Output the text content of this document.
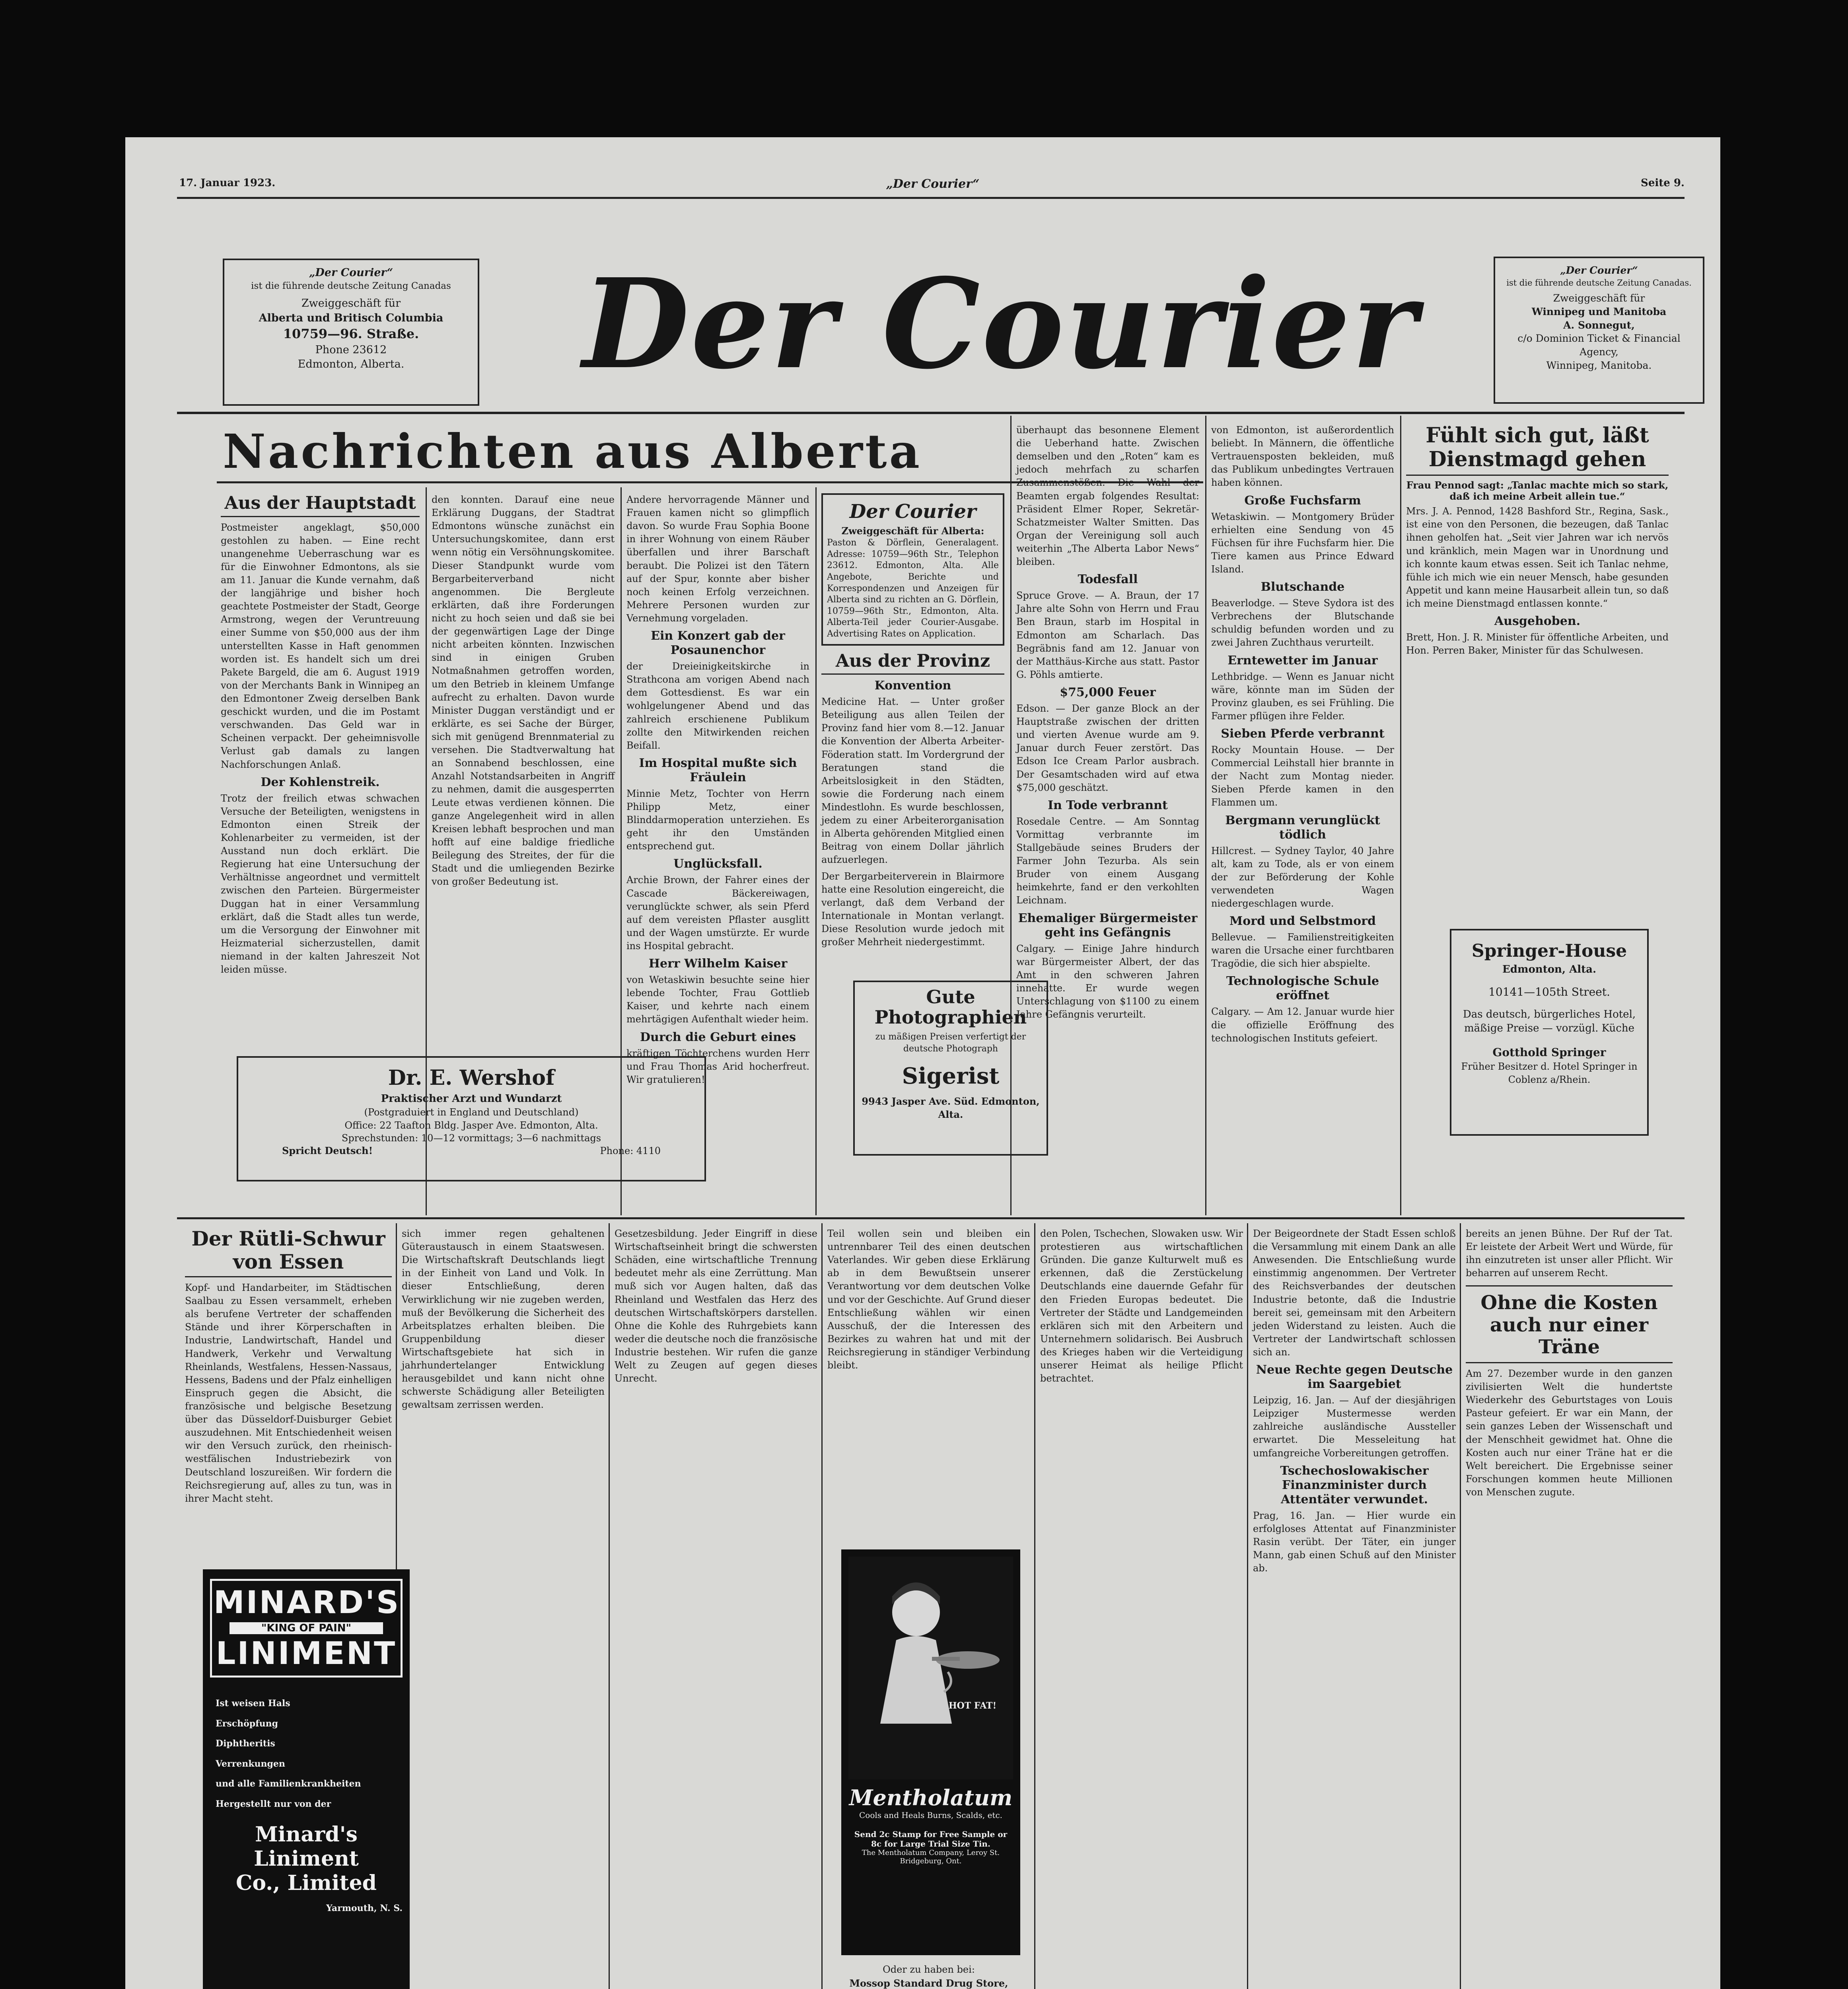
17. Januar 1923.	„Der Courier“	Seite 9.
„Der Courier“
ist die führende deutsche Zeitung Canadas
Zweiggeschäft für
Alberta und Britisch Columbia
10759—96. Straße.
Phone 23612
Edmonton, Alberta.
„Der Courier“
ist die führende deutsche Zeitung Canadas.
Zweiggeschäft für
Winnipeg und Manitoba
A. Sonnegut,
c/o Dominion Ticket & Financial
Agency,
Winnipeg, Manitoba.
Der Courier
Nachrichten aus Alberta
Aus der Hauptstadt
Postmeister angeklagt, $50,000 gestohlen zu haben. — Eine recht unangenehme Ueberraschung war es für die Einwohner Edmontons, als sie am 11. Januar die Kunde vernahm, daß der langjährige und bisher hoch geachtete Postmeister der Stadt, George Armstrong, wegen der Veruntreuung einer Summe von $50,000 aus der ihm unterstellten Kasse in Haft genommen worden ist. Es handelt sich um drei Pakete Bargeld, die am 6. August 1919 von der Merchants Bank in Winnipeg an den Edmontoner Zweig derselben Bank geschickt wurden, und die im Postamt verschwanden. Das Geld war in Scheinen verpackt. Der geheimnisvolle Verlust gab damals zu langen Nachforschungen Anlaß.
Der Kohlenstreik.
Trotz der freilich etwas schwachen Versuche der Beteiligten, wenigstens in Edmonton einen Streik der Kohlenarbeiter zu vermeiden, ist der Ausstand nun doch erklärt. Die Regierung hat eine Untersuchung der Verhältnisse angeordnet und vermittelt zwischen den Parteien. Bürgermeister Duggan hat in einer Versammlung erklärt, daß die Stadt alles tun werde, um die Versorgung der Einwohner mit Heizmaterial sicherzustellen, damit niemand in der kalten Jahreszeit Not leiden müsse.
den konnten. Darauf eine neue Erklärung Duggans, der Stadtrat Edmontons wünsche zunächst ein Untersuchungskomitee, dann erst wenn nötig ein Versöhnungskomitee. Dieser Standpunkt wurde vom Bergarbeiterverband nicht angenommen. Die Bergleute erklärten, daß ihre Forderungen nicht zu hoch seien und daß sie bei der gegenwärtigen Lage der Dinge nicht arbeiten könnten. Inzwischen sind in einigen Gruben Notmaßnahmen getroffen worden, um den Betrieb in kleinem Umfange aufrecht zu erhalten. Davon wurde Minister Duggan verständigt und er erklärte, es sei Sache der Bürger, sich mit genügend Brennmaterial zu versehen. Die Stadtverwaltung hat an Sonnabend beschlossen, eine Anzahl Notstandsarbeiten in Angriff zu nehmen, damit die ausgesperrten Leute etwas verdienen können. Die ganze Angelegenheit wird in allen Kreisen lebhaft besprochen und man hofft auf eine baldige friedliche Beilegung des Streites, der für die Stadt und die umliegenden Bezirke von großer Bedeutung ist.
Andere hervorragende Männer und Frauen kamen nicht so glimpflich davon. So wurde Frau Sophia Boone in ihrer Wohnung von einem Räuber überfallen und ihrer Barschaft beraubt. Die Polizei ist den Tätern auf der Spur, konnte aber bisher noch keinen Erfolg verzeichnen. Mehrere Personen wurden zur Vernehmung vorgeladen.
Ein Konzert gab der Posaunenchor
der Dreieinigkeitskirche in Strathcona am vorigen Abend nach dem Gottesdienst. Es war ein wohlgelungener Abend und das zahlreich erschienene Publikum zollte den Mitwirkenden reichen Beifall.
Im Hospital mußte sich Fräulein
Minnie Metz, Tochter von Herrn Philipp Metz, einer Blinddarmoperation unterziehen. Es geht ihr den Umständen entsprechend gut.
Unglücksfall.
Archie Brown, der Fahrer eines der Cascade Bäckereiwagen, verunglückte schwer, als sein Pferd auf dem vereisten Pflaster ausglitt und der Wagen umstürzte. Er wurde ins Hospital gebracht.
Herr Wilhelm Kaiser
von Wetaskiwin besuchte seine hier lebende Tochter, Frau Gottlieb Kaiser, und kehrte nach einem mehrtägigen Aufenthalt wieder heim.
Durch die Geburt eines
kräftigen Töchterchens wurden Herr und Frau Thomas Arid hocherfreut. Wir gratulieren!
Der Courier
Zweiggeschäft für Alberta:
Paston & Dörflein, Generalagent. Adresse: 10759—96th Str., Telephon 23612. Edmonton, Alta. Alle Angebote, Berichte und Korrespondenzen und Anzeigen für Alberta sind zu richten an G. Dörflein, 10759—96th Str., Edmonton, Alta. Alberta-Teil jeder Courier-Ausgabe. Advertising Rates on Application.
Aus der Provinz
Konvention
Medicine Hat. — Unter großer Beteiligung aus allen Teilen der Provinz fand hier vom 8.—12. Januar die Konvention der Alberta Arbeiter-Föderation statt. Im Vordergrund der Beratungen stand die Arbeitslosigkeit in den Städten, sowie die Forderung nach einem Mindestlohn. Es wurde beschlossen, jedem zu einer Arbeiterorganisation in Alberta gehörenden Mitglied einen Beitrag von einem Dollar jährlich aufzuerlegen.
Der Bergarbeiterverein in Blairmore hatte eine Resolution eingereicht, die verlangt, daß dem Verband der Internationale in Montan verlangt. Diese Resolution wurde jedoch mit großer Mehrheit niedergestimmt.
Gute Photographien
zu mäßigen Preisen verfertigt der deutsche Photograph
Sigerist
9943 Jasper Ave. Süd. Edmonton, Alta.
Dr. E. Wershof
Praktischer Arzt und Wundarzt
(Postgraduiert in England und Deutschland)
Office: 22 Taafton Bldg. Jasper Ave. Edmonton, Alta.
Sprechstunden: 10—12 vormittags; 3—6 nachmittags
Spricht Deutsch!	Phone: 4110
überhaupt das besonnene Element die Ueberhand hatte. Zwischen demselben und den „Roten“ kam es jedoch mehrfach zu scharfen Zusammenstößen. Die Wahl der Beamten ergab folgendes Resultat: Präsident Elmer Roper, Sekretär-Schatzmeister Walter Smitten. Das Organ der Vereinigung soll auch weiterhin „The Alberta Labor News“ bleiben.
Todesfall
Spruce Grove. — A. Braun, der 17 Jahre alte Sohn von Herrn und Frau Ben Braun, starb im Hospital in Edmonton am Scharlach. Das Begräbnis fand am 12. Januar von der Matthäus-Kirche aus statt. Pastor G. Pöhls amtierte.
$75,000 Feuer
Edson. — Der ganze Block an der Hauptstraße zwischen der dritten und vierten Avenue wurde am 9. Januar durch Feuer zerstört. Das Edson Ice Cream Parlor ausbrach. Der Gesamtschaden wird auf etwa $75,000 geschätzt.
In Tode verbrannt
Rosedale Centre. — Am Sonntag Vormittag verbrannte im Stallgebäude seines Bruders der Farmer John Tezurba. Als sein Bruder von einem Ausgang heimkehrte, fand er den verkohlten Leichnam.
Ehemaliger Bürgermeister geht ins Gefängnis
Calgary. — Einige Jahre hindurch war Bürgermeister Albert, der das Amt in den schweren Jahren innehatte. Er wurde wegen Unterschlagung von $1100 zu einem Jahre Gefängnis verurteilt.
von Edmonton, ist außerordentlich beliebt. In Männern, die öffentliche Vertrauensposten bekleiden, muß das Publikum unbedingtes Vertrauen haben können.
Große Fuchsfarm
Wetaskiwin. — Montgomery Brüder erhielten eine Sendung von 45 Füchsen für ihre Fuchsfarm hier. Die Tiere kamen aus Prince Edward Island.
Blutschande
Beaverlodge. — Steve Sydora ist des Verbrechens der Blutschande schuldig befunden worden und zu zwei Jahren Zuchthaus verurteilt.
Erntewetter im Januar
Lethbridge. — Wenn es Januar nicht wäre, könnte man im Süden der Provinz glauben, es sei Frühling. Die Farmer pflügen ihre Felder.
Sieben Pferde verbrannt
Rocky Mountain House. — Der Commercial Leihstall hier brannte in der Nacht zum Montag nieder. Sieben Pferde kamen in den Flammen um.
Bergmann verunglückt tödlich
Hillcrest. — Sydney Taylor, 40 Jahre alt, kam zu Tode, als er von einem der zur Beförderung der Kohle verwendeten Wagen niedergeschlagen wurde.
Mord und Selbstmord
Bellevue. — Familienstreitigkeiten waren die Ursache einer furchtbaren Tragödie, die sich hier abspielte.
Technologische Schule eröffnet
Calgary. — Am 12. Januar wurde hier die offizielle Eröffnung des technologischen Instituts gefeiert.
Fühlt sich gut, läßt Dienstmagd gehen
Frau Pennod sagt: „Tanlac machte mich so stark, daß ich meine Arbeit allein tue.“
Mrs. J. A. Pennod, 1428 Bashford Str., Regina, Sask., ist eine von den Personen, die bezeugen, daß Tanlac ihnen geholfen hat. „Seit vier Jahren war ich nervös und kränklich, mein Magen war in Unordnung und ich konnte kaum etwas essen. Seit ich Tanlac nehme, fühle ich mich wie ein neuer Mensch, habe gesunden Appetit und kann meine Hausarbeit allein tun, so daß ich meine Dienstmagd entlassen konnte.“
Ausgehoben.
Brett, Hon. J. R. Minister für öffentliche Arbeiten, und Hon. Perren Baker, Minister für das Schulwesen.
Springer-House
Edmonton, Alta.
10141—105th Street.
Das deutsch, bürgerliches Hotel, mäßige Preise — vorzügl. Küche
Gotthold Springer
Früher Besitzer d. Hotel Springer in Coblenz a/Rhein.
Der Rütli-Schwur von Essen
Kopf- und Handarbeiter, im Städtischen Saalbau zu Essen versammelt, erheben als berufene Vertreter der schaffenden Stände und ihrer Körperschaften in Industrie, Landwirtschaft, Handel und Handwerk, Verkehr und Verwaltung Rheinlands, Westfalens, Hessen-Nassaus, Hessens, Badens und der Pfalz einhelligen Einspruch gegen die Absicht, die französische und belgische Besetzung über das Düsseldorf-Duisburger Gebiet auszudehnen. Mit Entschiedenheit weisen wir den Versuch zurück, den rheinisch-westfälischen Industriebezirk von Deutschland loszureißen. Wir fordern die Reichsregierung auf, alles zu tun, was in ihrer Macht steht.
MINARD'S
"KING OF PAIN"
LINIMENT
Ist weisen Hals
Erschöpfung
Diphtheritis
Verrenkungen
und alle Familienkrankheiten
Hergestellt nur von der
Minard's Liniment
Co., Limited
Yarmouth, N. S.
sich immer regen gehaltenen Güteraustausch in einem Staatswesen. Die Wirtschaftskraft Deutschlands liegt in der Einheit von Land und Volk. In dieser Entschließung, deren Verwirklichung wir nie zugeben werden, muß der Bevölkerung die Sicherheit des Arbeitsplatzes erhalten bleiben. Die Gruppenbildung dieser Wirtschaftsgebiete hat sich in jahrhundertelanger Entwicklung herausgebildet und kann nicht ohne schwerste Schädigung aller Beteiligten gewaltsam zerrissen werden.
Gesetzesbildung. Jeder Eingriff in diese Wirtschaftseinheit bringt die schwersten Schäden, eine wirtschaftliche Trennung bedeutet mehr als eine Zerrüttung. Man muß sich vor Augen halten, daß das Rheinland und Westfalen das Herz des deutschen Wirtschaftskörpers darstellen. Ohne die Kohle des Ruhrgebiets kann weder die deutsche noch die französische Industrie bestehen. Wir rufen die ganze Welt zu Zeugen auf gegen dieses Unrecht.
Teil wollen sein und bleiben ein untrennbarer Teil des einen deutschen Vaterlandes. Wir geben diese Erklärung ab in dem Bewußtsein unserer Verantwortung vor dem deutschen Volke und vor der Geschichte. Auf Grund dieser Entschließung wählen wir einen Ausschuß, der die Interessen des Bezirkes zu wahren hat und mit der Reichsregierung in ständiger Verbindung bleibt.
HOT FAT!
Mentholatum
Cools and Heals Burns, Scalds, etc.
Send 2c Stamp for Free Sample or 8c for Large Trial Size Tin.
The Mentholatum Company, Leroy St. Bridgeburg, Ont.
Oder zu haben bei:
Mossop Standard Drug Store,
den Polen, Tschechen, Slowaken usw. Wir protestieren aus wirtschaftlichen Gründen. Die ganze Kulturwelt muß es erkennen, daß die Zerstückelung Deutschlands eine dauernde Gefahr für den Frieden Europas bedeutet. Die Vertreter der Städte und Landgemeinden erklären sich mit den Arbeitern und Unternehmern solidarisch. Bei Ausbruch des Krieges haben wir die Verteidigung unserer Heimat als heilige Pflicht betrachtet.
Der Beigeordnete der Stadt Essen schloß die Versammlung mit einem Dank an alle Anwesenden. Die Entschließung wurde einstimmig angenommen. Der Vertreter des Reichsverbandes der deutschen Industrie betonte, daß die Industrie bereit sei, gemeinsam mit den Arbeitern jeden Widerstand zu leisten. Auch die Vertreter der Landwirtschaft schlossen sich an.
Neue Rechte gegen Deutsche im Saargebiet
Leipzig, 16. Jan. — Auf der diesjährigen Leipziger Mustermesse werden zahlreiche ausländische Aussteller erwartet. Die Messeleitung hat umfangreiche Vorbereitungen getroffen.
Tschechoslowakischer Finanzminister durch Attentäter verwundet.
Prag, 16. Jan. — Hier wurde ein erfolgloses Attentat auf Finanzminister Rasin verübt. Der Täter, ein junger Mann, gab einen Schuß auf den Minister ab.
bereits an jenen Bühne. Der Ruf der Tat. Er leistete der Arbeit Wert und Würde, für ihn einzutreten ist unser aller Pflicht. Wir beharren auf unserem Recht.
Ohne die Kosten auch nur einer Träne
Am 27. Dezember wurde in den ganzen zivilisierten Welt die hundertste Wiederkehr des Geburtstages von Louis Pasteur gefeiert. Er war ein Mann, der sein ganzes Leben der Wissenschaft und der Menschheit gewidmet hat. Ohne die Kosten auch nur einer Träne hat er die Welt bereichert. Die Ergebnisse seiner Forschungen kommen heute Millionen von Menschen zugute.
